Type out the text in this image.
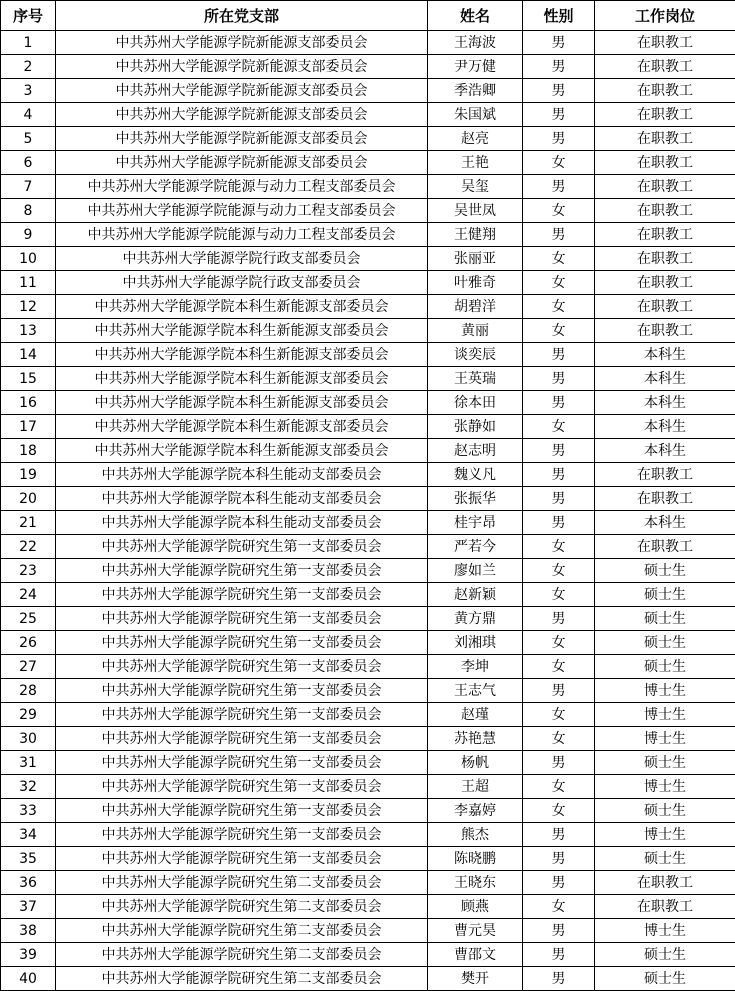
序号	所在党支部	姓名	性别	工作岗位
1	中共苏州大学能源学院新能源支部委员会	王海波	男	在职教工
2	中共苏州大学能源学院新能源支部委员会	尹万健	男	在职教工
3	中共苏州大学能源学院新能源支部委员会	季浩卿	男	在职教工
4	中共苏州大学能源学院新能源支部委员会	朱国斌	男	在职教工
5	中共苏州大学能源学院新能源支部委员会	赵亮	男	在职教工
6	中共苏州大学能源学院新能源支部委员会	王艳	女	在职教工
7	中共苏州大学能源学院能源与动力工程支部委员会	吴玺	男	在职教工
8	中共苏州大学能源学院能源与动力工程支部委员会	吴世凤	女	在职教工
9	中共苏州大学能源学院能源与动力工程支部委员会	王健翔	男	在职教工
10	中共苏州大学能源学院行政支部委员会	张丽亚	女	在职教工
11	中共苏州大学能源学院行政支部委员会	叶雅奇	女	在职教工
12	中共苏州大学能源学院本科生新能源支部委员会	胡碧洋	女	在职教工
13	中共苏州大学能源学院本科生新能源支部委员会	黄丽	女	在职教工
14	中共苏州大学能源学院本科生新能源支部委员会	谈奕辰	男	本科生
15	中共苏州大学能源学院本科生新能源支部委员会	王英瑞	男	本科生
16	中共苏州大学能源学院本科生新能源支部委员会	徐本田	男	本科生
17	中共苏州大学能源学院本科生新能源支部委员会	张静如	女	本科生
18	中共苏州大学能源学院本科生新能源支部委员会	赵志明	男	本科生
19	中共苏州大学能源学院本科生能动支部委员会	魏义凡	男	在职教工
20	中共苏州大学能源学院本科生能动支部委员会	张振华	男	在职教工
21	中共苏州大学能源学院本科生能动支部委员会	桂宇昂	男	本科生
22	中共苏州大学能源学院研究生第一支部委员会	严若今	女	在职教工
23	中共苏州大学能源学院研究生第一支部委员会	廖如兰	女	硕士生
24	中共苏州大学能源学院研究生第一支部委员会	赵新颖	女	硕士生
25	中共苏州大学能源学院研究生第一支部委员会	黄方鼎	男	硕士生
26	中共苏州大学能源学院研究生第一支部委员会	刘湘琪	女	硕士生
27	中共苏州大学能源学院研究生第一支部委员会	李坤	女	硕士生
28	中共苏州大学能源学院研究生第一支部委员会	王志气	男	博士生
29	中共苏州大学能源学院研究生第一支部委员会	赵瑾	女	博士生
30	中共苏州大学能源学院研究生第一支部委员会	苏艳慧	女	博士生
31	中共苏州大学能源学院研究生第一支部委员会	杨帆	男	硕士生
32	中共苏州大学能源学院研究生第一支部委员会	王超	女	博士生
33	中共苏州大学能源学院研究生第一支部委员会	李嘉婷	女	硕士生
34	中共苏州大学能源学院研究生第一支部委员会	熊杰	男	博士生
35	中共苏州大学能源学院研究生第一支部委员会	陈晓鹏	男	硕士生
36	中共苏州大学能源学院研究生第二支部委员会	王晓东	男	在职教工
37	中共苏州大学能源学院研究生第二支部委员会	顾燕	女	在职教工
38	中共苏州大学能源学院研究生第二支部委员会	曹元昊	男	博士生
39	中共苏州大学能源学院研究生第二支部委员会	曹邵文	男	硕士生
40	中共苏州大学能源学院研究生第二支部委员会	樊开	男	硕士生
